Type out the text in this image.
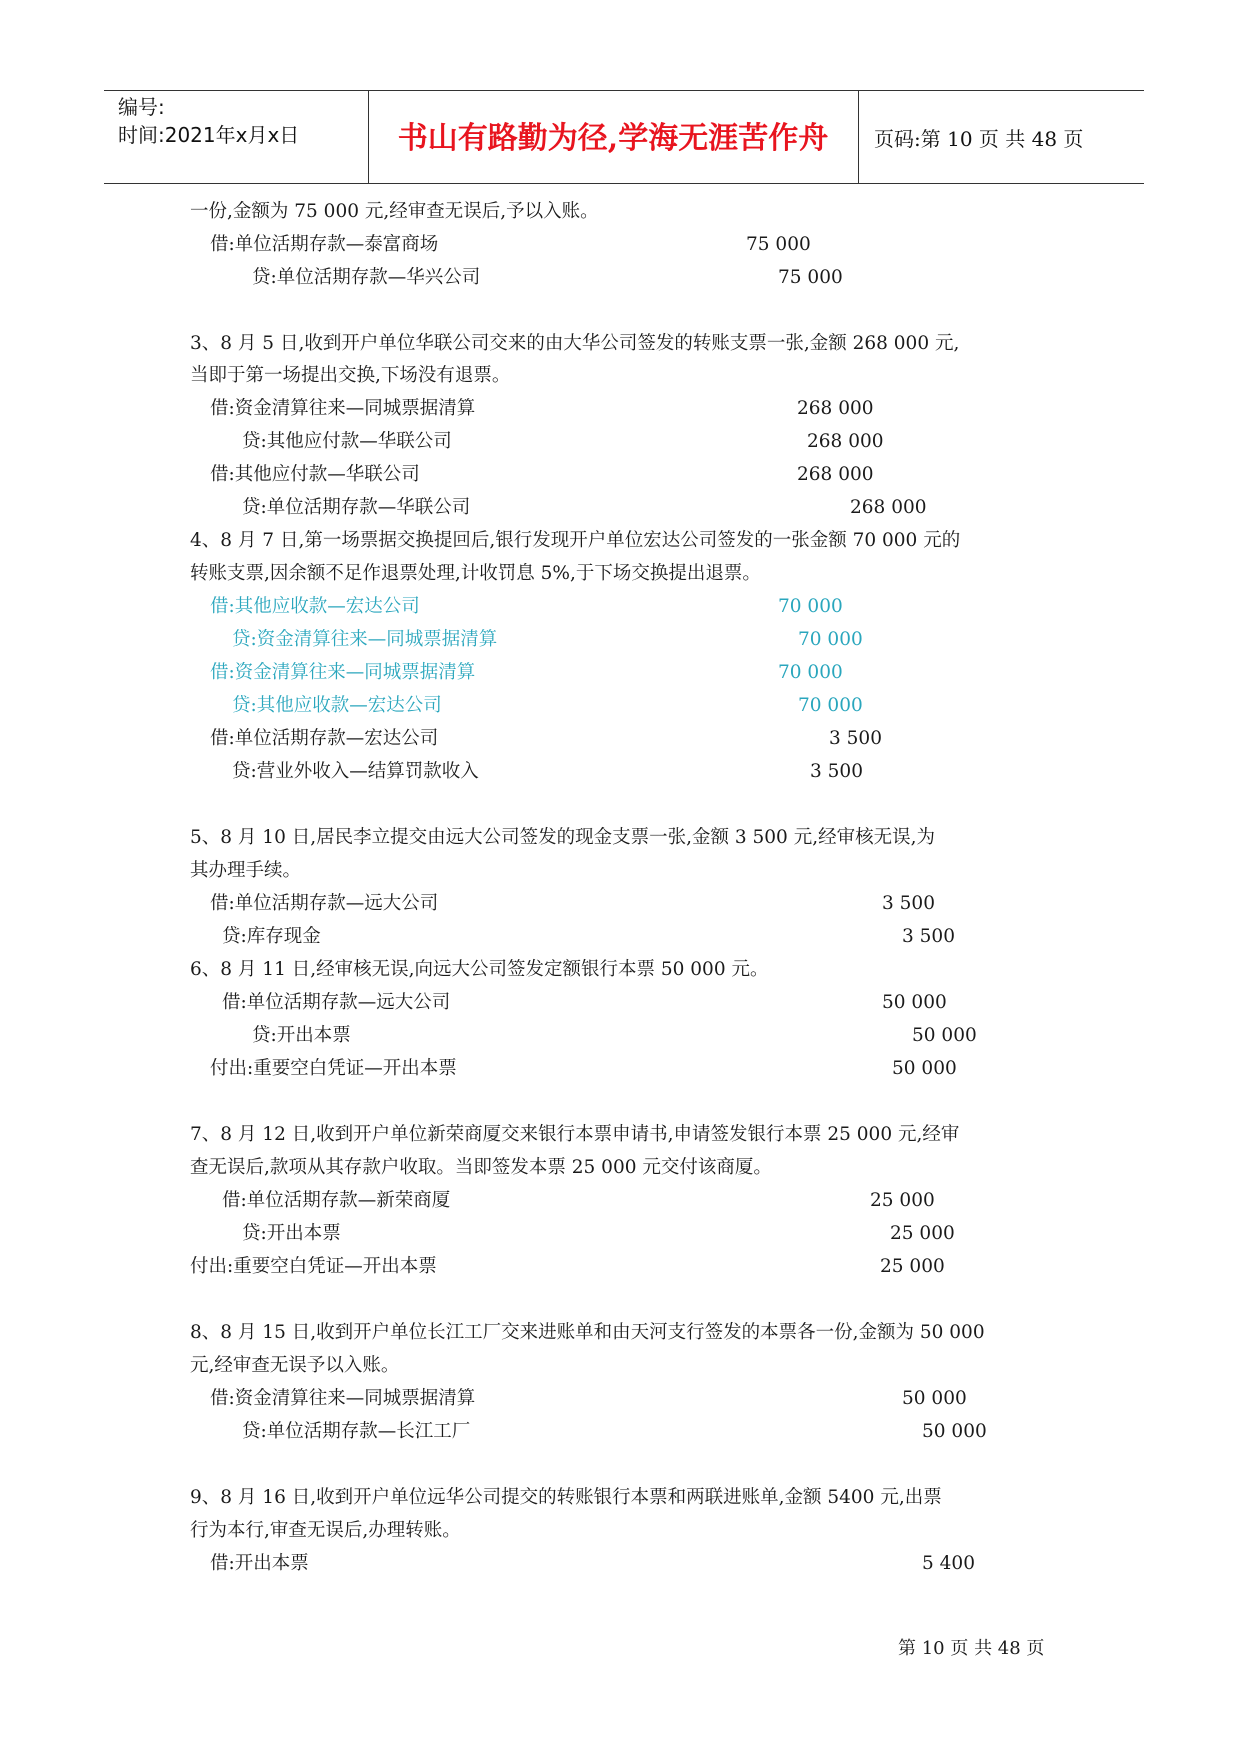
编号:
时间:2021年x月x日	书山有路勤为径,学海无涯苦作舟	页码:第 10 页 共 48 页
一份,金额为 75 000 元,经审查无误后,予以入账。
借:单位活期存款—泰富商场	75 000
贷:单位活期存款—华兴公司	75 000
3、8 月 5 日,收到开户单位华联公司交来的由大华公司签发的转账支票一张,金额 268 000 元,
当即于第一场提出交换,下场没有退票。
借:资金清算往来—同城票据清算	268 000
贷:其他应付款—华联公司	268 000
借:其他应付款—华联公司	268 000
贷:单位活期存款—华联公司	268 000
4、8 月 7 日,第一场票据交换提回后,银行发现开户单位宏达公司签发的一张金额 70 000 元的
转账支票,因余额不足作退票处理,计收罚息 5%,于下场交换提出退票。
借:其他应收款—宏达公司	70 000
贷:资金清算往来—同城票据清算	70 000
借:资金清算往来—同城票据清算	70 000
贷:其他应收款—宏达公司	70 000
借:单位活期存款—宏达公司	3 500
贷:营业外收入—结算罚款收入	3 500
5、8 月 10 日,居民李立提交由远大公司签发的现金支票一张,金额 3 500 元,经审核无误,为
其办理手续。
借:单位活期存款—远大公司	3 500
贷:库存现金	3 500
6、8 月 11 日,经审核无误,向远大公司签发定额银行本票 50 000 元。
借:单位活期存款—远大公司	50 000
贷:开出本票	50 000
付出:重要空白凭证—开出本票	50 000
7、8 月 12 日,收到开户单位新荣商厦交来银行本票申请书,申请签发银行本票 25 000 元,经审
查无误后,款项从其存款户收取。当即签发本票 25 000 元交付该商厦。
借:单位活期存款—新荣商厦	25 000
贷:开出本票	25 000
付出:重要空白凭证—开出本票	25 000
8、8 月 15 日,收到开户单位长江工厂交来进账单和由天河支行签发的本票各一份,金额为 50 000
元,经审查无误予以入账。
借:资金清算往来—同城票据清算	50 000
贷:单位活期存款—长江工厂	50 000
9、8 月 16 日,收到开户单位远华公司提交的转账银行本票和两联进账单,金额 5400 元,出票
行为本行,审查无误后,办理转账。
借:开出本票	5 400
第 10 页 共 48 页
